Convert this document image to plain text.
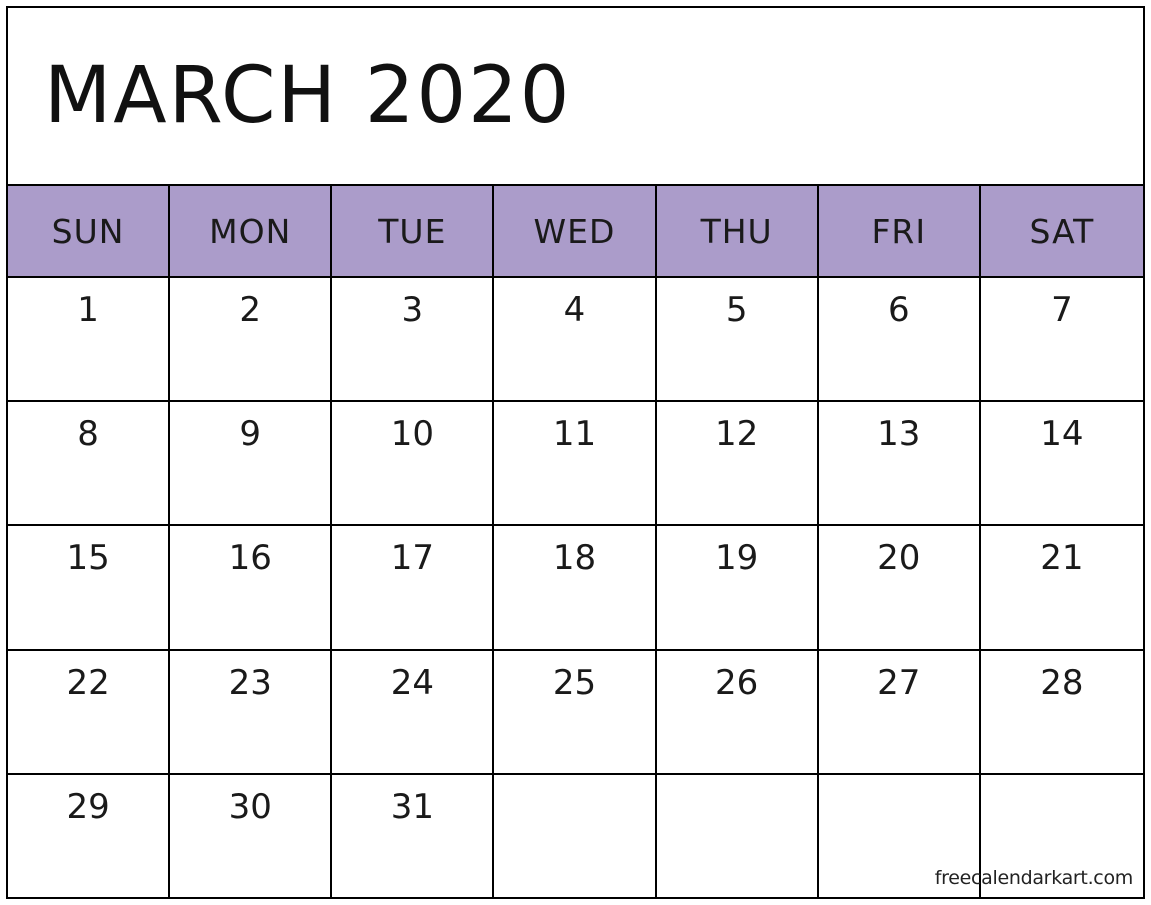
MARCH 2020
SUN	MON	TUE	WED	THU	FRI	SAT
1	2	3	4	5	6	7
8	9	10	11	12	13	14
15	16	17	18	19	20	21
22	23	24	25	26	27	28
29	30	31
freecalendarkart.com
